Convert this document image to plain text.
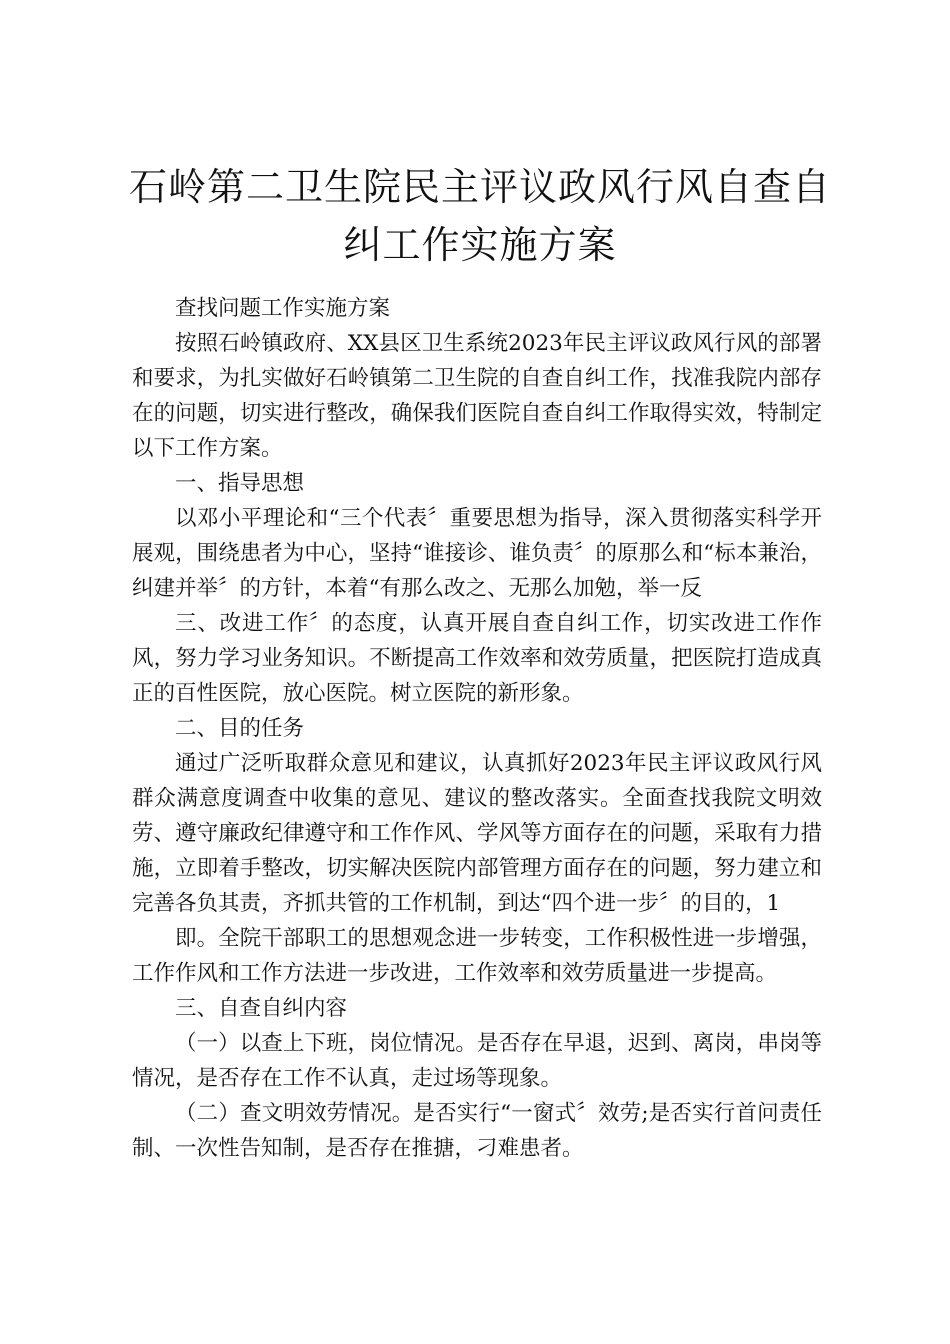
石岭第二卫生院民主评议政风行风自查自纠工作实施方案

查找问题工作实施方案

按照石岭镇政府、XX县区卫生系统2023年民主评议政风行风的部署和要求，为扎实做好石岭镇第二卫生院的自查自纠工作，找准我院内部存在的问题，切实进行整改，确保我们医院自查自纠工作取得实效，特制定以下工作方案。

一、指导思想

以邓小平理论和“三个代表〞重要思想为指导，深入贯彻落实科学开展观，围绕患者为中心，坚持“谁接诊、谁负责〞的原那么和“标本兼治，纠建并举〞的方针，本着“有那么改之、无那么加勉，举一反

三、改进工作〞的态度，认真开展自查自纠工作，切实改进工作作风，努力学习业务知识。不断提高工作效率和效劳质量，把医院打造成真正的百性医院，放心医院。树立医院的新形象。

二、目的任务

通过广泛听取群众意见和建议，认真抓好2023年民主评议政风行风群众满意度调查中收集的意见、建议的整改落实。全面查找我院文明效劳、遵守廉政纪律遵守和工作作风、学风等方面存在的问题，采取有力措施，立即着手整改，切实解决医院内部管理方面存在的问题，努力建立和完善各负其责，齐抓共管的工作机制，到达“四个进一步〞的目的，1

即。全院干部职工的思想观念进一步转变，工作积极性进一步增强，工作作风和工作方法进一步改进，工作效率和效劳质量进一步提高。

三、自查自纠内容

（一）以查上下班，岗位情况。是否存在早退，迟到、离岗，串岗等情况，是否存在工作不认真，走过场等现象。

（二）查文明效劳情况。是否实行“一窗式〞效劳;是否实行首问责任制、一次性告知制，是否存在推搪，刁难患者。
